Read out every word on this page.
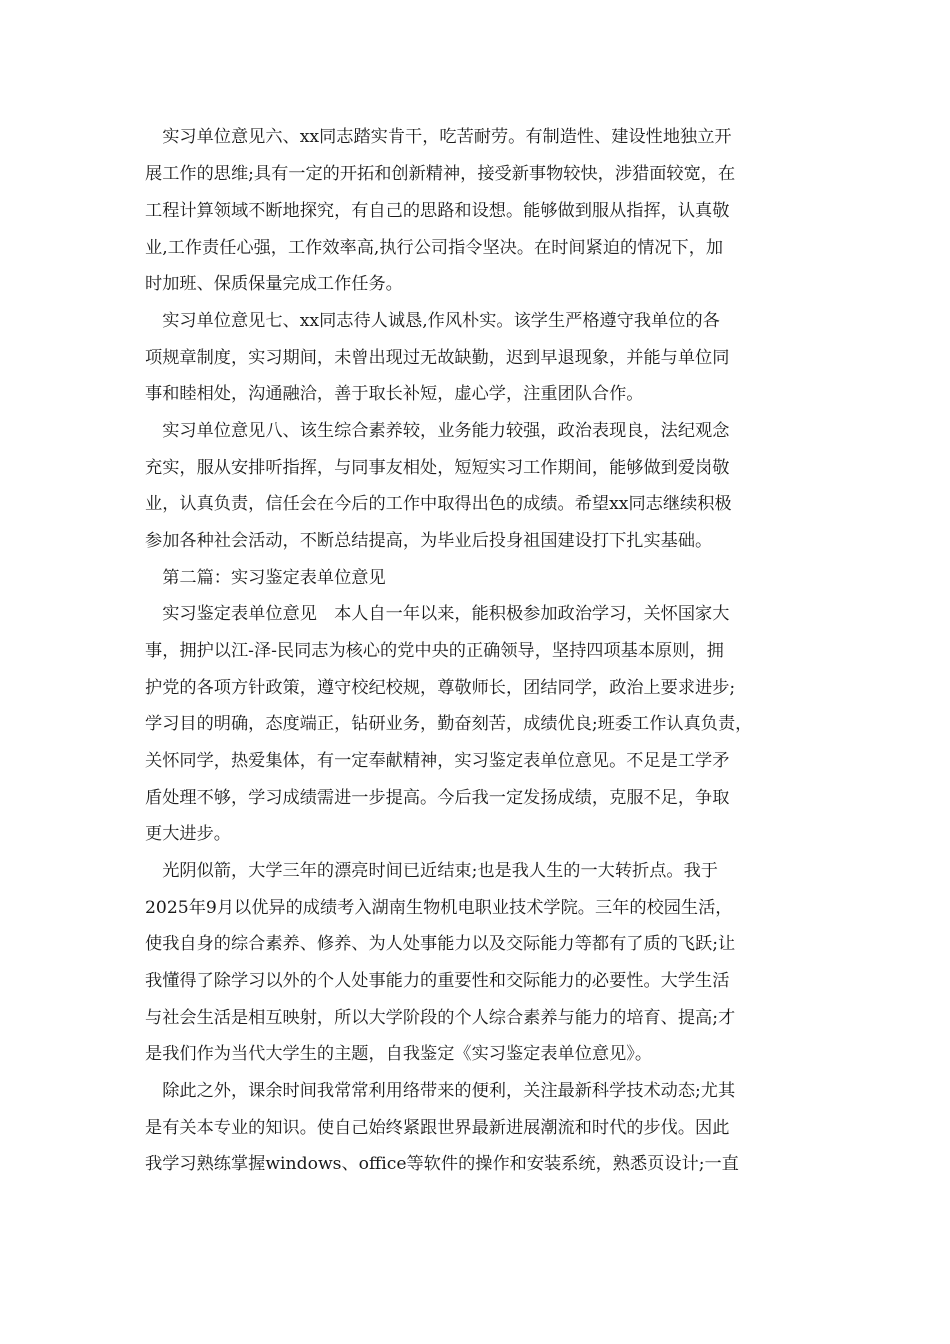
　实习单位意见六、xx同志踏实肯干，吃苦耐劳。有制造性、建设性地独立开
展工作的思维;具有一定的开拓和创新精神，接受新事物较快，涉猎面较宽，在
工程计算领域不断地探究，有自己的思路和设想。能够做到服从指挥，认真敬
业,工作责任心强，工作效率高,执行公司指令坚决。在时间紧迫的情况下，加
时加班、保质保量完成工作任务。
　实习单位意见七、xx同志待人诚恳,作风朴实。该学生严格遵守我单位的各
项规章制度，实习期间，未曾出现过无故缺勤，迟到早退现象，并能与单位同
事和睦相处，沟通融洽，善于取长补短，虚心学，注重团队合作。
　实习单位意见八、该生综合素养较，业务能力较强，政治表现良，法纪观念
充实，服从安排听指挥，与同事友相处，短短实习工作期间，能够做到爱岗敬
业，认真负责，信任会在今后的工作中取得出色的成绩。希望xx同志继续积极
参加各种社会活动，不断总结提高，为毕业后投身祖国建设打下扎实基础。
　第二篇：实习鉴定表单位意见
　实习鉴定表单位意见　本人自一年以来，能积极参加政治学习，关怀国家大
事，拥护以江-泽-民同志为核心的党中央的正确领导，坚持四项基本原则，拥
护党的各项方针政策，遵守校纪校规，尊敬师长，团结同学，政治上要求进步;
学习目的明确，态度端正，钻研业务，勤奋刻苦，成绩优良;班委工作认真负责，
关怀同学，热爱集体，有一定奉献精神，实习鉴定表单位意见。不足是工学矛
盾处理不够，学习成绩需进一步提高。今后我一定发扬成绩，克服不足，争取
更大进步。
　光阴似箭，大学三年的漂亮时间已近结束;也是我人生的一大转折点。我于
2025年9月以优异的成绩考入湖南生物机电职业技术学院。三年的校园生活，
使我自身的综合素养、修养、为人处事能力以及交际能力等都有了质的飞跃;让
我懂得了除学习以外的个人处事能力的重要性和交际能力的必要性。大学生活
与社会生活是相互映射，所以大学阶段的个人综合素养与能力的培育、提高;才
是我们作为当代大学生的主题，自我鉴定《实习鉴定表单位意见》。
　除此之外，课余时间我常常利用络带来的便利，关注最新科学技术动态;尤其
是有关本专业的知识。使自己始终紧跟世界最新进展潮流和时代的步伐。因此
我学习熟练掌握windows、office等软件的操作和安装系统，熟悉页设计;一直
